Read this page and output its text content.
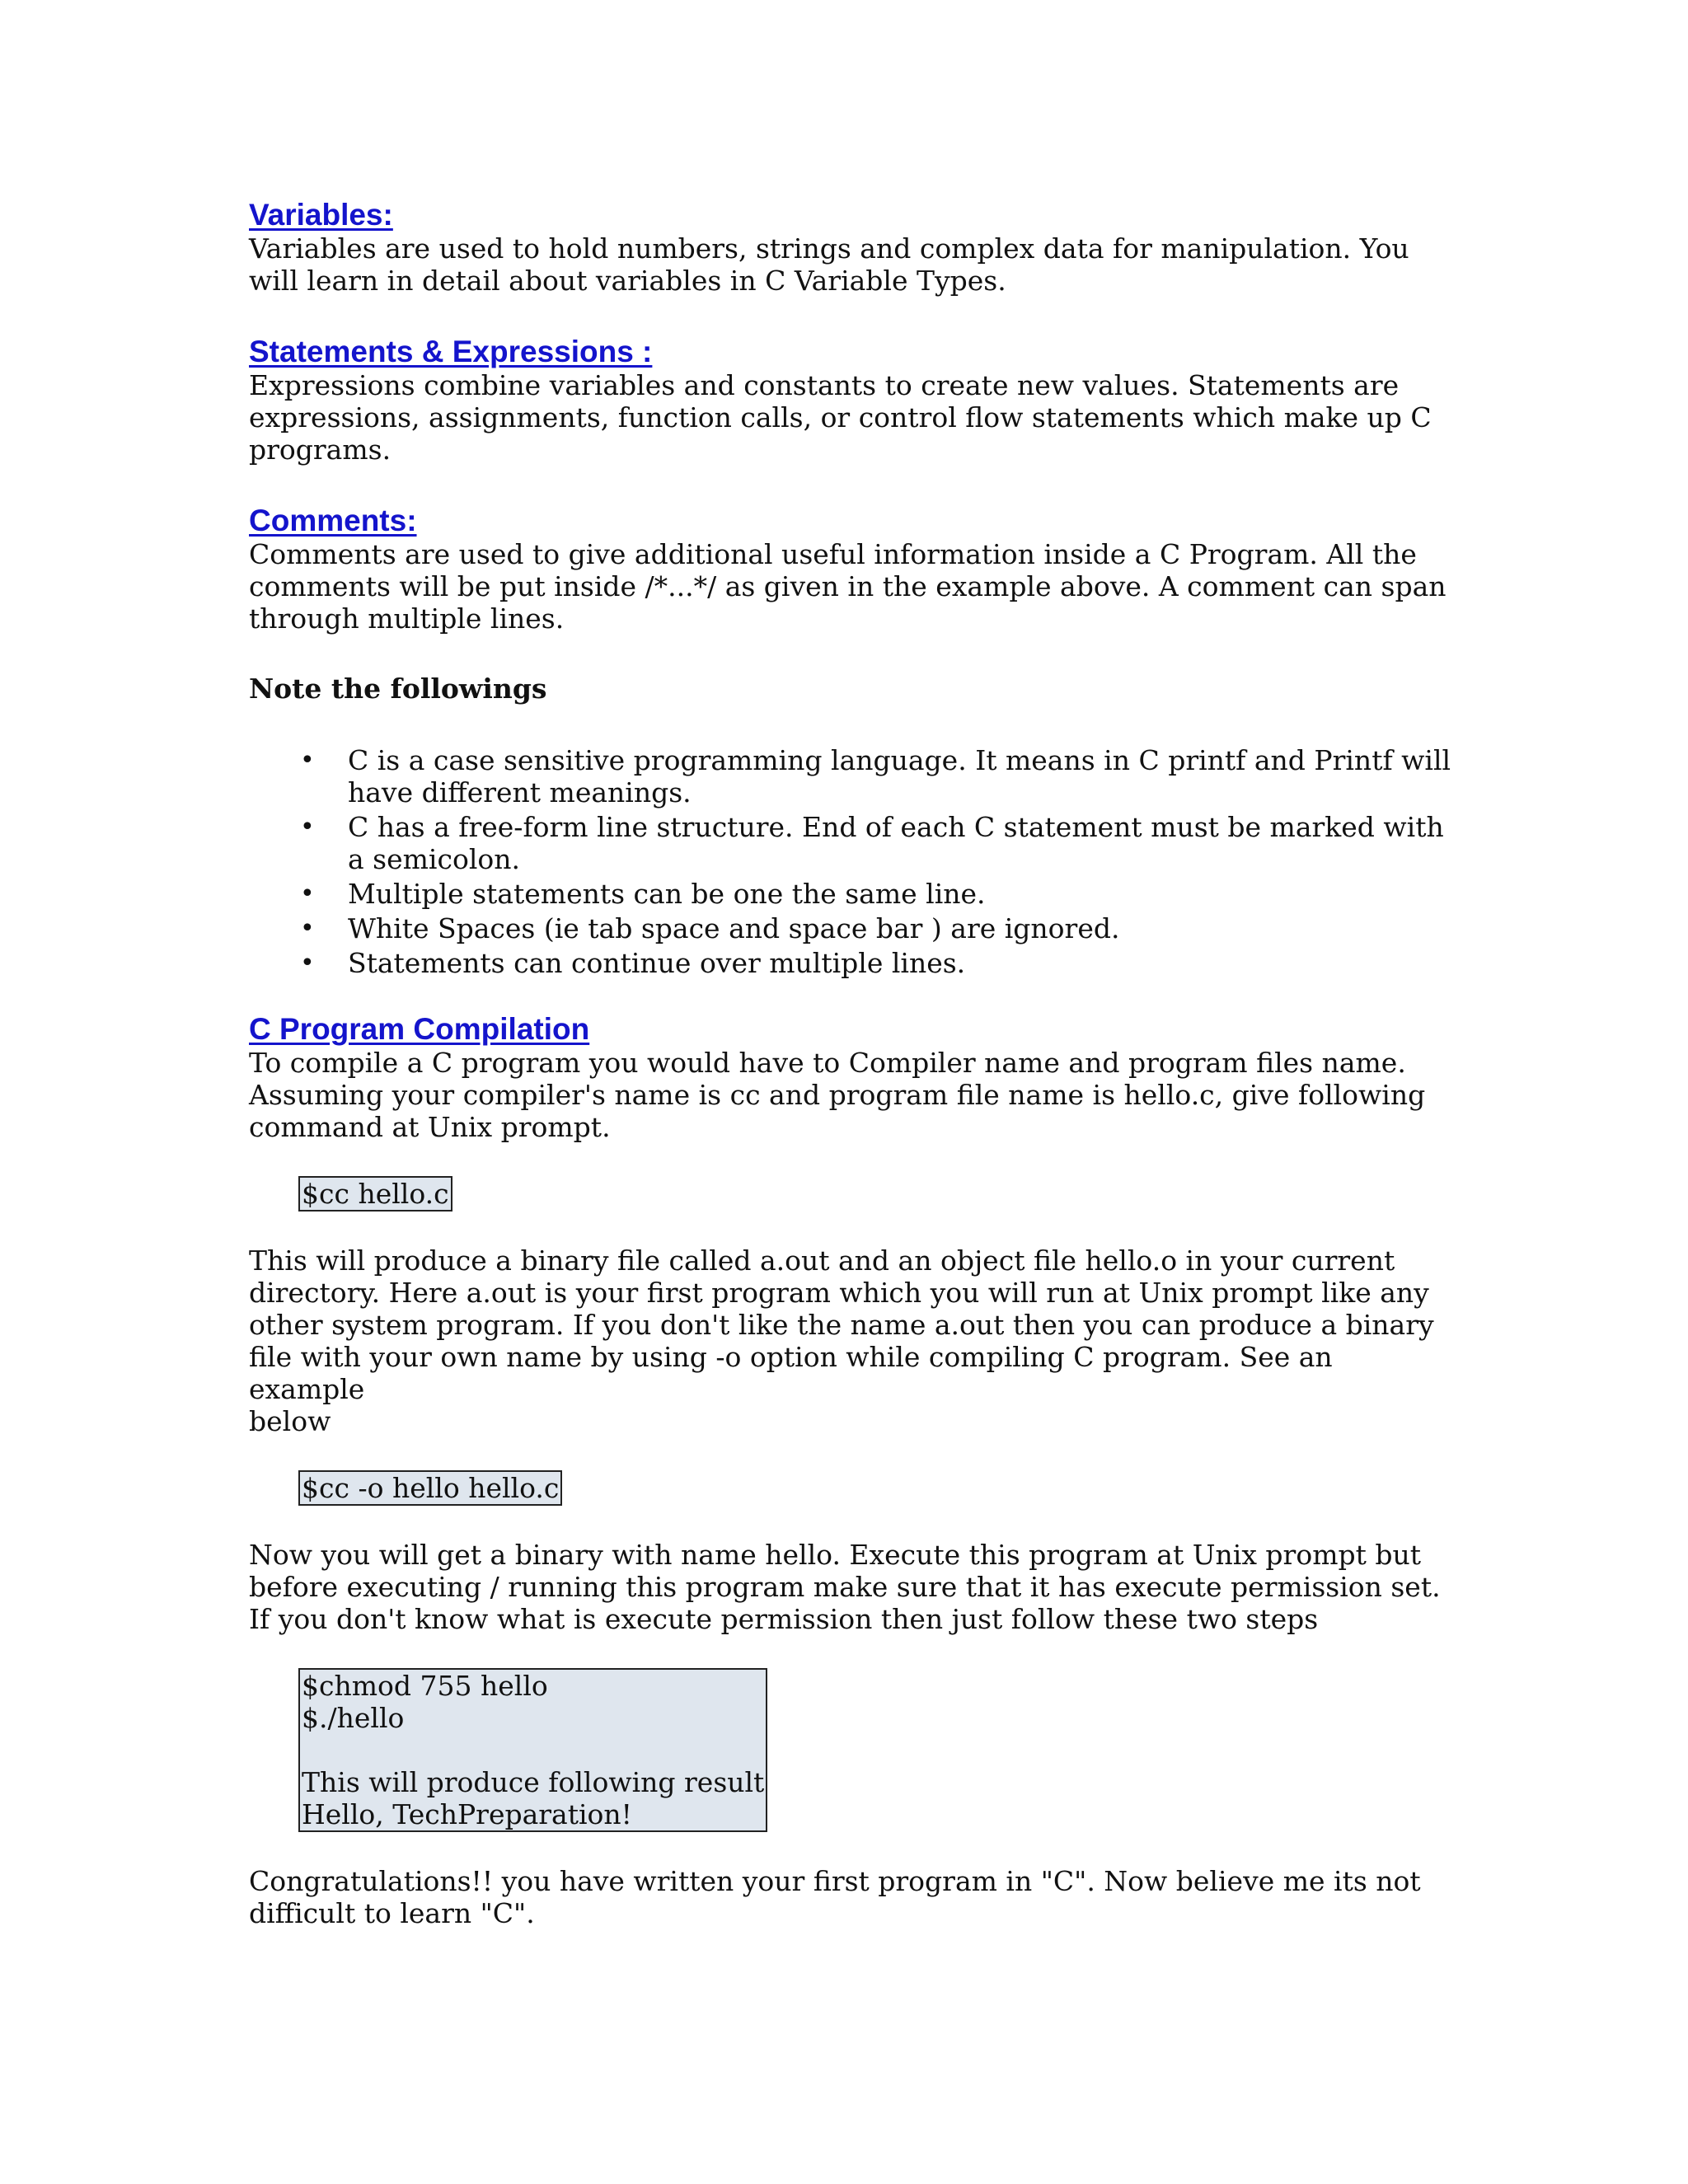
Variables:

Variables are used to hold numbers, strings and complex data for manipulation. You
will learn in detail about variables in C Variable Types.

Statements & Expressions :

Expressions combine variables and constants to create new values. Statements are
expressions, assignments, function calls, or control flow statements which make up C
programs.

Comments:

Comments are used to give additional useful information inside a C Program. All the
comments will be put inside /*...*/ as given in the example above. A comment can span
through multiple lines.

Note the followings

• C is a case sensitive programming language. It means in C printf and Printf will
have different meanings.
• C has a free-form line structure. End of each C statement must be marked with
a semicolon.
• Multiple statements can be one the same line.
• White Spaces (ie tab space and space bar ) are ignored.
• Statements can continue over multiple lines.
C Program Compilation

To compile a C program you would have to Compiler name and program files name.
Assuming your compiler's name is cc and program file name is hello.c, give following
command at Unix prompt.

$cc hello.c

This will produce a binary file called a.out and an object file hello.o in your current
directory. Here a.out is your first program which you will run at Unix prompt like any
other system program. If you don't like the name a.out then you can produce a binary
file with your own name by using -o option while compiling C program. See an example
below

$cc -o hello hello.c

Now you will get a binary with name hello. Execute this program at Unix prompt but
before executing / running this program make sure that it has execute permission set.
If you don't know what is execute permission then just follow these two steps

$chmod 755 hello
$./hello
This will produce following result
Hello, TechPreparation!

Congratulations!! you have written your first program in "C". Now believe me its not
difficult to learn "C".
